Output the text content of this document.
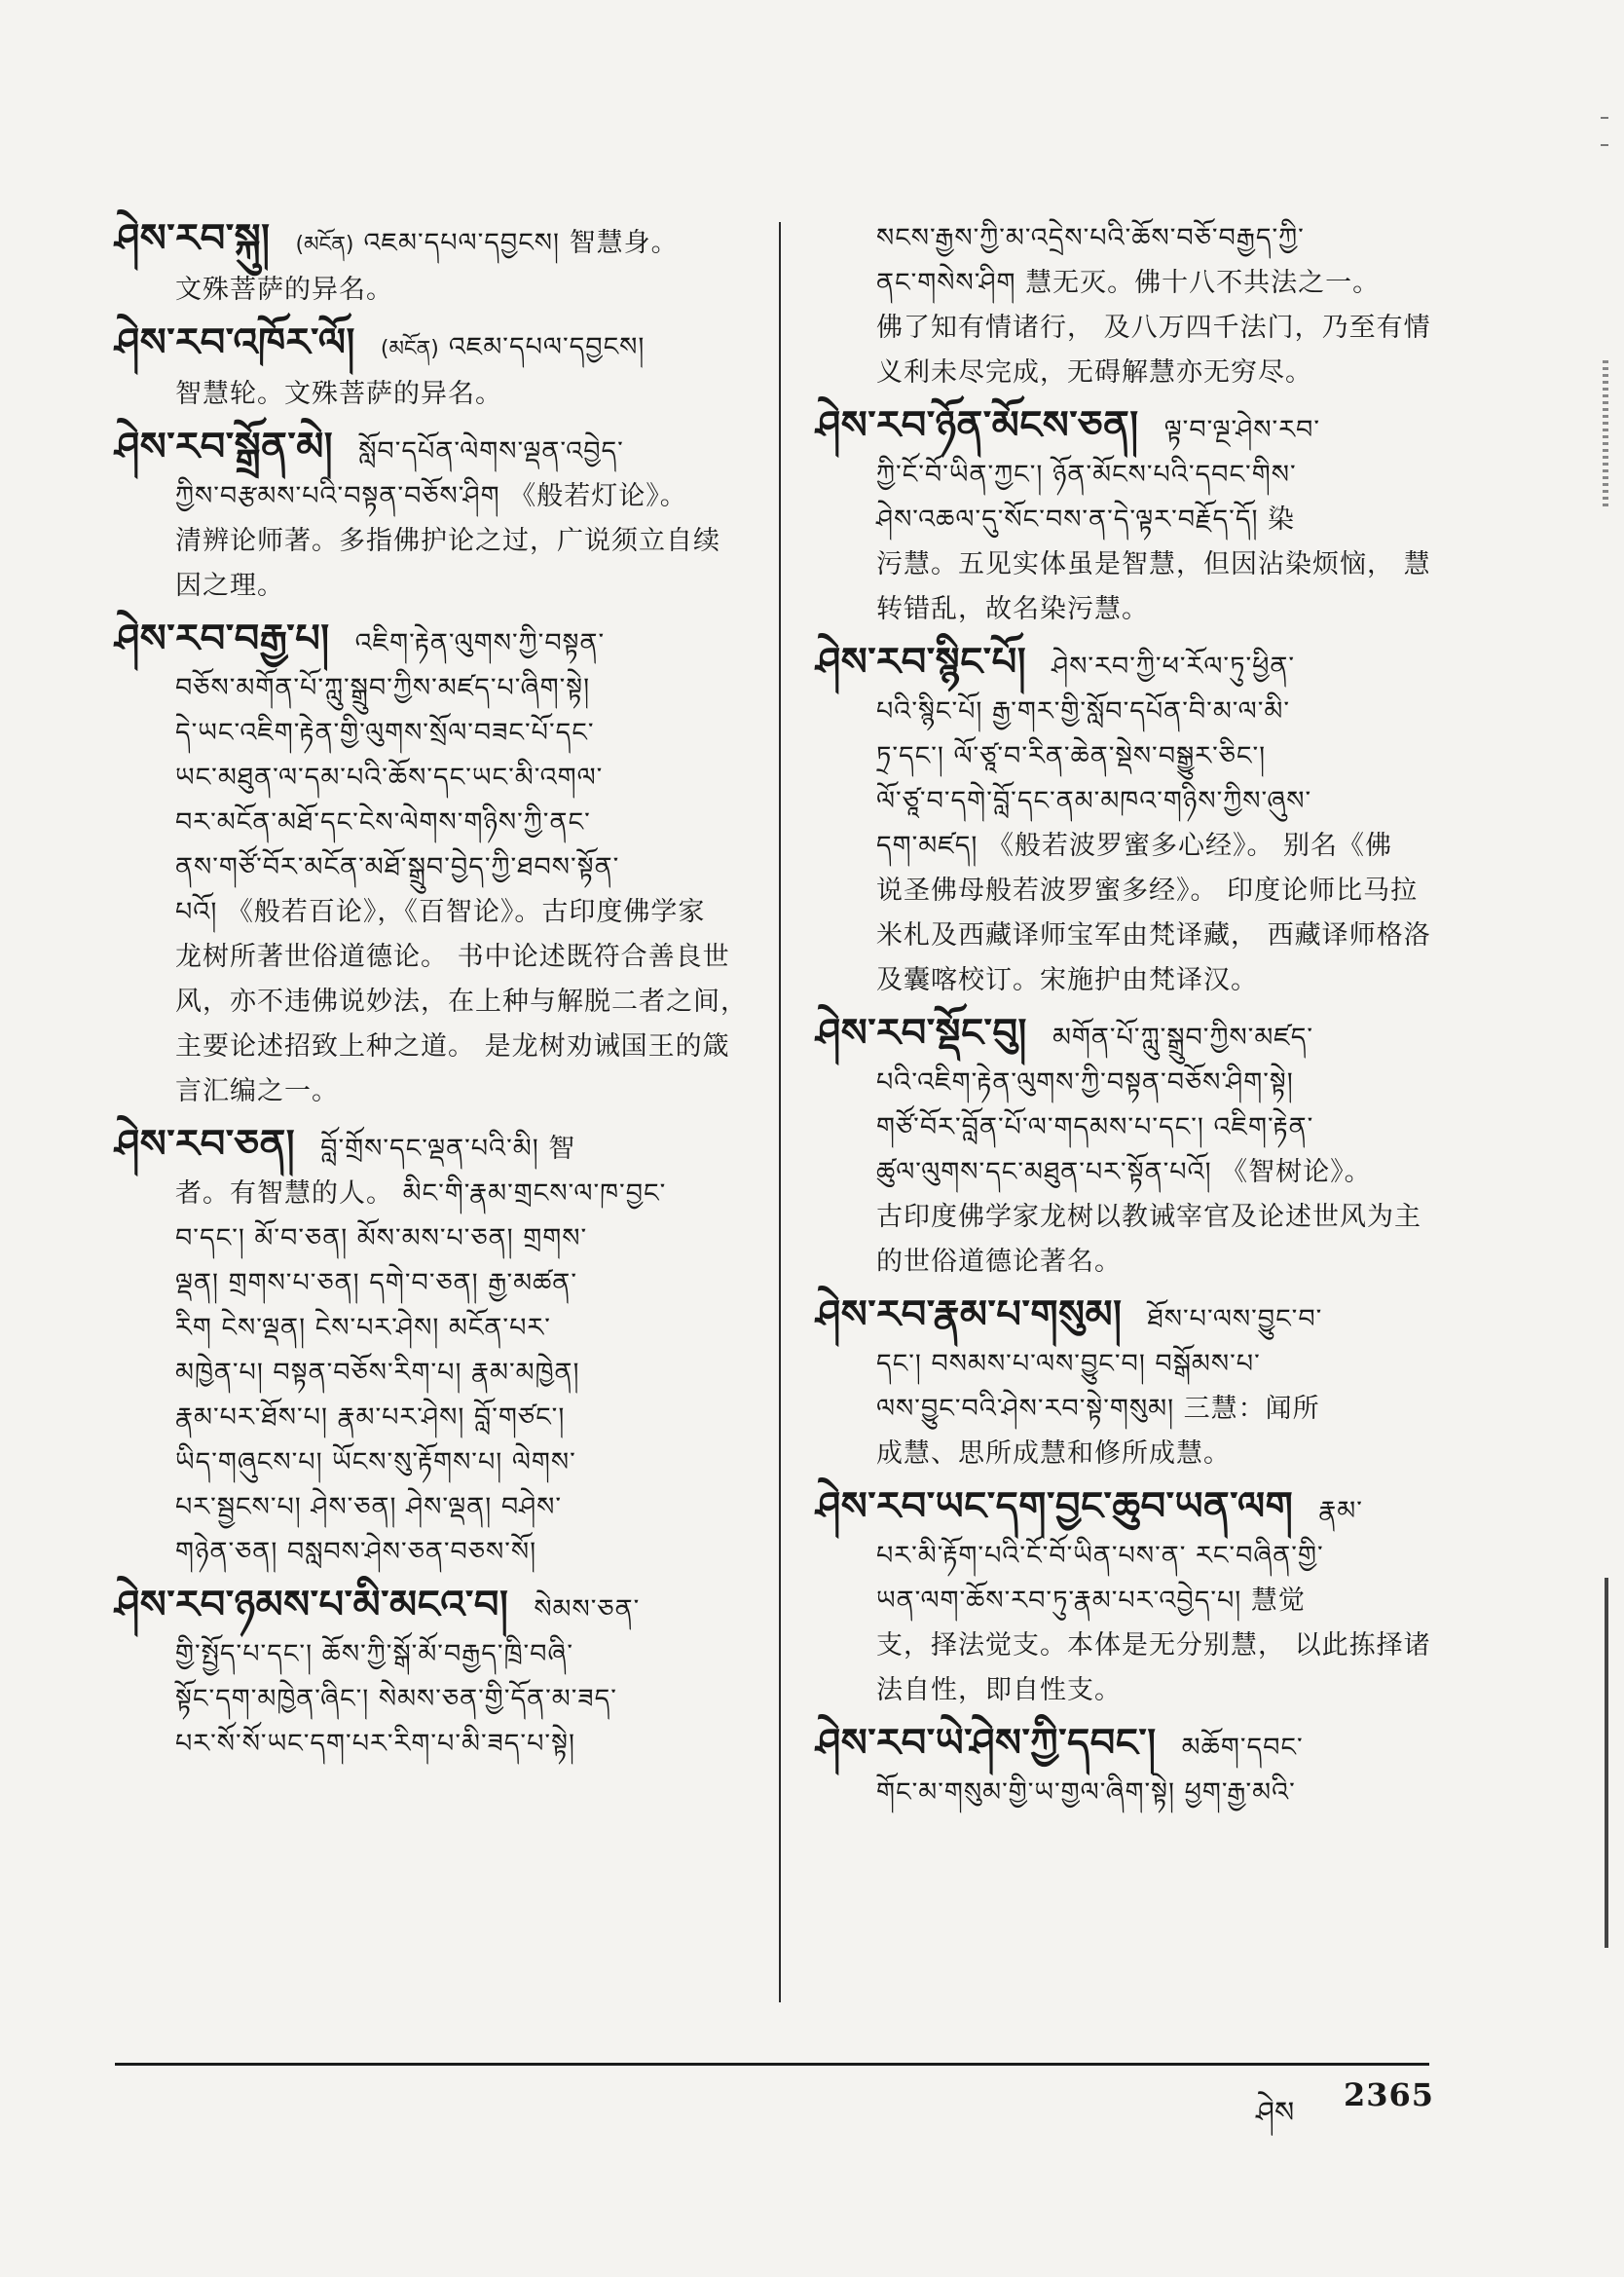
ཤེས་རབ་སྐུ། (མངོན) འཇམ་དཔལ་དབྱངས། 智慧身。
文殊菩萨的异名。
ཤེས་རབ་འཁོར་ལོ། (མངོན) འཇམ་དཔལ་དབྱངས།
智慧轮。文殊菩萨的异名。
ཤེས་རབ་སྒྲོན་མེ། སློབ་དཔོན་ལེགས་ལྡན་འབྱེད་
ཀྱིས་བརྩམས་པའི་བསྟན་བཅོས་ཤིག 《般若灯论》。
清辨论师著。多指佛护论之过，广说须立自续
因之理。
ཤེས་རབ་བརྒྱ་པ། འཇིག་རྟེན་ལུགས་ཀྱི་བསྟན་
བཅོས་མགོན་པོ་ཀླུ་སྒྲུབ་ཀྱིས་མཛད་པ་ཞིག་སྟེ།
དེ་ཡང་འཇིག་རྟེན་གྱི་ལུགས་སྲོལ་བཟང་པོ་དང་
ཡང་མཐུན་ལ་དམ་པའི་ཆོས་དང་ཡང་མི་འགལ་
བར་མངོན་མཐོ་དང་ངེས་ལེགས་གཉིས་ཀྱི་ནང་
ནས་གཙོ་བོར་མངོན་མཐོ་སྒྲུབ་བྱེད་ཀྱི་ཐབས་སྟོན་
པའོ། 《般若百论》，《百智论》。古印度佛学家
龙树所著世俗道德论。 书中论述既符合善良世
风，亦不违佛说妙法，在上种与解脱二者之间，
主要论述招致上种之道。 是龙树劝诫国王的箴
言汇编之一。
ཤེས་རབ་ཅན། བློ་གྲོས་དང་ལྡན་པའི་མི། 智
者。有智慧的人。 མིང་གི་རྣམ་གྲངས་ལ་ཁ་བྱང་
བ་དང་། མོ་བ་ཅན། མོས་མས་པ་ཅན། གྲགས་
ལྡན། གྲགས་པ་ཅན། དགེ་བ་ཅན། རྒྱ་མཚན་
རིག ངེས་ལྡན། ངེས་པར་ཤེས། མངོན་པར་
མཁྱེན་པ། བསྟན་བཅོས་རིག་པ། རྣམ་མཁྱེན།
རྣམ་པར་ཐོས་པ། རྣམ་པར་ཤེས། བློ་གཙང་།
ཡིད་གཞུངས་པ། ཡོངས་སུ་རྟོགས་པ། ལེགས་
པར་སྦྱངས་པ། ཤེས་ཅན། ཤེས་ལྡན། བཤེས་
གཉེན་ཅན། བསླབས་ཤེས་ཅན་བཅས་སོ།
ཤེས་རབ་ཉམས་པ་མི་མངའ་བ། སེམས་ཅན་
གྱི་སྤྱོད་པ་དང་། ཆོས་ཀྱི་སྒོ་མོ་བརྒྱད་ཁྲི་བཞི་
སྟོང་དག་མཁྱེན་ཞིང་། སེམས་ཅན་གྱི་དོན་མ་ཟད་
པར་སོ་སོ་ཡང་དག་པར་རིག་པ་མི་ཟད་པ་སྟེ།
སངས་རྒྱས་ཀྱི་མ་འདྲེས་པའི་ཆོས་བཅོ་བརྒྱད་ཀྱི་
ནང་གསེས་ཤིག 慧无灭。佛十八不共法之一。
佛了知有情诸行， 及八万四千法门，乃至有情
义利未尽完成，无碍解慧亦无穷尽。
ཤེས་རབ་ཉོན་མོངས་ཅན། ལྟ་བ་ལྔ་ཤེས་རབ་
ཀྱི་ངོ་བོ་ཡིན་ཀྱང་། ཉོན་མོངས་པའི་དབང་གིས་
ཤེས་འཆལ་དུ་སོང་བས་ན་དེ་ལྟར་བརྗོད་དོ། 染
污慧。五见实体虽是智慧，但因沾染烦恼， 慧
转错乱，故名染污慧。
ཤེས་རབ་སྙིང་པོ། ཤེས་རབ་ཀྱི་ཕ་རོལ་ཏུ་ཕྱིན་
པའི་སྙིང་པོ། རྒྱ་གར་གྱི་སློབ་དཔོན་བི་མ་ལ་མི་
ཏྲ་དང་། ལོ་ཙཱ་བ་རིན་ཆེན་སྡེས་བསྒྱུར་ཅིང་།
ལོ་ཙཱ་བ་དགེ་བློ་དང་ནམ་མཁའ་གཉིས་ཀྱིས་ཞུས་
དག་མཛད། 《般若波罗蜜多心经》。 别名《佛
说圣佛母般若波罗蜜多经》。 印度论师比马拉
米札及西藏译师宝军由梵译藏， 西藏译师格洛
及囊喀校订。宋施护由梵译汉。
ཤེས་རབ་སྡོང་བུ། མགོན་པོ་ཀླུ་སྒྲུབ་ཀྱིས་མཛད་
པའི་འཇིག་རྟེན་ལུགས་ཀྱི་བསྟན་བཅོས་ཤིག་སྟེ།
གཙོ་བོར་བློན་པོ་ལ་གདམས་པ་དང་། འཇིག་རྟེན་
ཚུལ་ལུགས་དང་མཐུན་པར་སྟོན་པའོ། 《智树论》。
古印度佛学家龙树以教诫宰官及论述世风为主
的世俗道德论著名。
ཤེས་རབ་རྣམ་པ་གསུམ། ཐོས་པ་ལས་བྱུང་བ་
དང་། བསམས་པ་ལས་བྱུང་བ། བསྒོམས་པ་
ལས་བྱུང་བའི་ཤེས་རབ་སྟེ་གསུམ། 三慧：闻所
成慧、思所成慧和修所成慧。
ཤེས་རབ་ཡང་དག་བྱང་ཆུབ་ཡན་ལག རྣམ་
པར་མི་རྟོག་པའི་ངོ་བོ་ཡིན་པས་ན་ རང་བཞིན་གྱི་
ཡན་ལག་ཆོས་རབ་ཏུ་རྣམ་པར་འབྱེད་པ། 慧觉
支，择法觉支。本体是无分别慧， 以此拣择诸
法自性，即自性支。
ཤེས་རབ་ཡེ་ཤེས་ཀྱི་དབང་། མཆོག་དབང་
གོང་མ་གསུམ་གྱི་ཡ་གྱལ་ཞིག་སྟེ། ཕྱག་རྒྱ་མའི་
ཤེས 2365
